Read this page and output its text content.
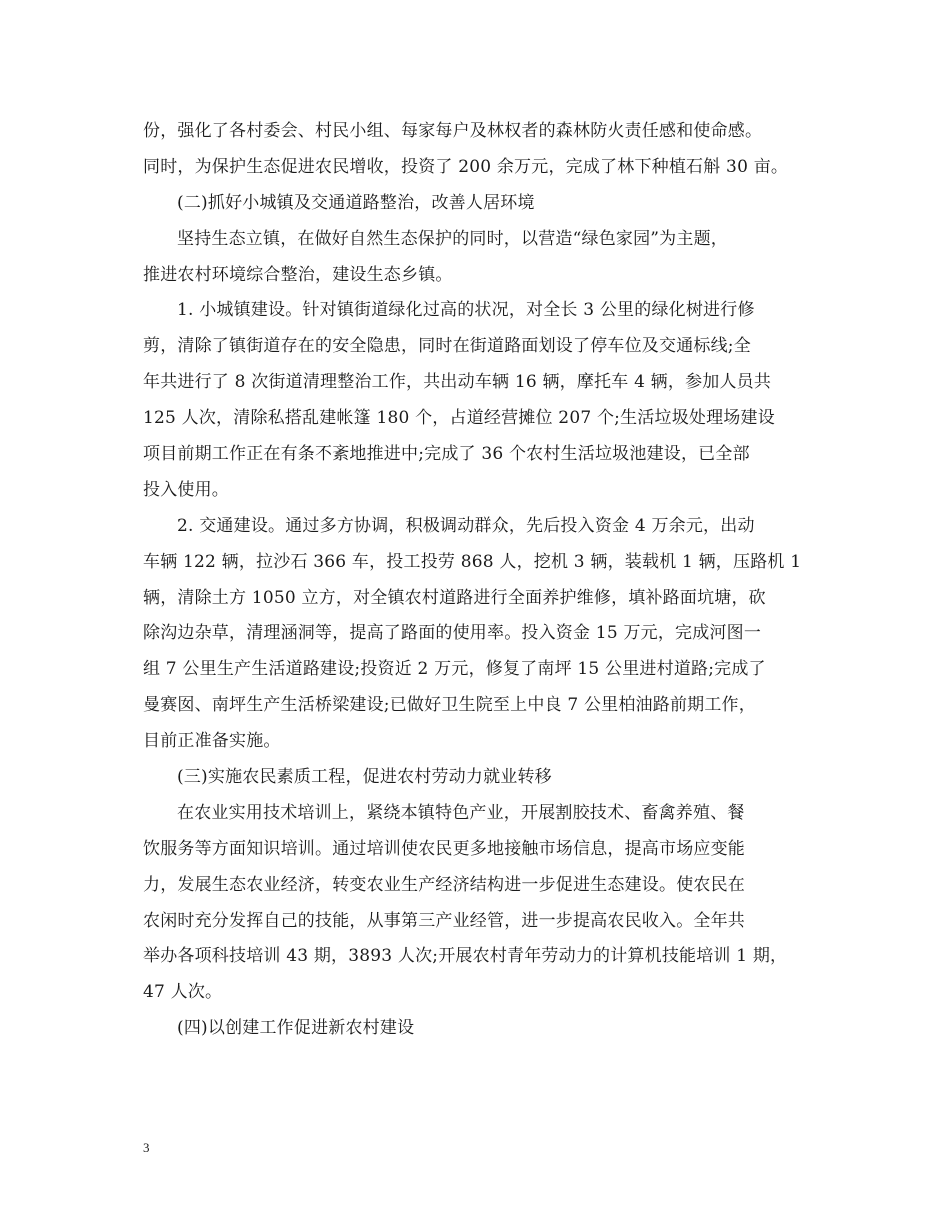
份，强化了各村委会、村民小组、每家每户及林权者的森林防火责任感和使命感。
同时，为保护生态促进农民增收，投资了 200 余万元，完成了林下种植石斛 30 亩。
(二)抓好小城镇及交通道路整治，改善人居环境
坚持生态立镇，在做好自然生态保护的同时，以营造“绿色家园”为主题，
推进农村环境综合整治，建设生态乡镇。
1. 小城镇建设。针对镇街道绿化过高的状况，对全长 3 公里的绿化树进行修
剪，清除了镇街道存在的安全隐患，同时在街道路面划设了停车位及交通标线;全
年共进行了 8 次街道清理整治工作，共出动车辆 16 辆，摩托车 4 辆，参加人员共
125 人次，清除私搭乱建帐篷 180 个，占道经营摊位 207 个;生活垃圾处理场建设
项目前期工作正在有条不紊地推进中;完成了 36 个农村生活垃圾池建设，已全部
投入使用。
2. 交通建设。通过多方协调，积极调动群众，先后投入资金 4 万余元，出动
车辆 122 辆，拉沙石 366 车，投工投劳 868 人，挖机 3 辆，装载机 1 辆，压路机 1
辆，清除土方 1050 立方，对全镇农村道路进行全面养护维修，填补路面坑塘，砍
除沟边杂草，清理涵洞等，提高了路面的使用率。投入资金 15 万元，完成河图一
组 7 公里生产生活道路建设;投资近 2 万元，修复了南坪 15 公里进村道路;完成了
曼赛囡、南坪生产生活桥梁建设;已做好卫生院至上中良 7 公里柏油路前期工作，
目前正准备实施。
(三)实施农民素质工程，促进农村劳动力就业转移
在农业实用技术培训上，紧绕本镇特色产业，开展割胶技术、畜禽养殖、餐
饮服务等方面知识培训。通过培训使农民更多地接触市场信息，提高市场应变能
力，发展生态农业经济，转变农业生产经济结构进一步促进生态建设。使农民在
农闲时充分发挥自己的技能，从事第三产业经管，进一步提高农民收入。全年共
举办各项科技培训 43 期，3893 人次;开展农村青年劳动力的计算机技能培训 1 期，
47 人次。
(四)以创建工作促进新农村建设
3
